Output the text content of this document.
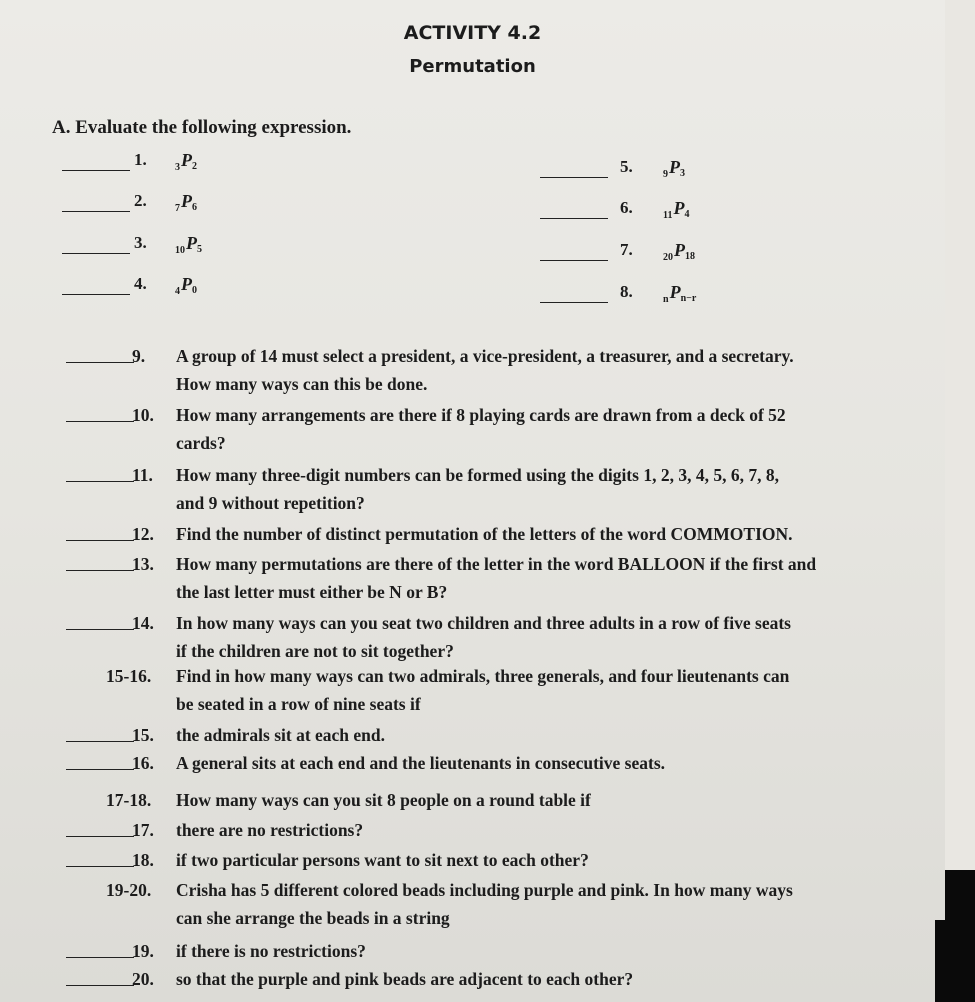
ACTIVITY 4.2
Permutation
A. Evaluate the following expression.
1.	$_3P_2$
2.	$_7P_6$
3.	$_{10}P_5$
4.	$_4P_0$
5.	$_9P_3$
6.	$_{11}P_4$
7.	$_{20}P_{18}$
8.	$_nP_{n-r}$
9. A group of 14 must select a president, a vice-president, a treasurer, and a secretary.
How many ways can this be done.
10. How many arrangements are there if 8 playing cards are drawn from a deck of 52
cards?
11. How many three-digit numbers can be formed using the digits 1, 2, 3, 4, 5, 6, 7, 8,
and 9 without repetition?
12. Find the number of distinct permutation of the letters of the word COMMOTION.
13. How many permutations are there of the letter in the word BALLOON if the first and
the last letter must either be N or B?
14. In how many ways can you seat two children and three adults in a row of five seats
if the children are not to sit together?
15-16. Find in how many ways can two admirals, three generals, and four lieutenants can
be seated in a row of nine seats if
15. the admirals sit at each end.
16. A general sits at each end and the lieutenants in consecutive seats.
17-18. How many ways can you sit 8 people on a round table if
17. there are no restrictions?
18. if two particular persons want to sit next to each other?
19-20. Crisha has 5 different colored beads including purple and pink. In how many ways
can she arrange the beads in a string
19. if there is no restrictions?
20. so that the purple and pink beads are adjacent to each other?
